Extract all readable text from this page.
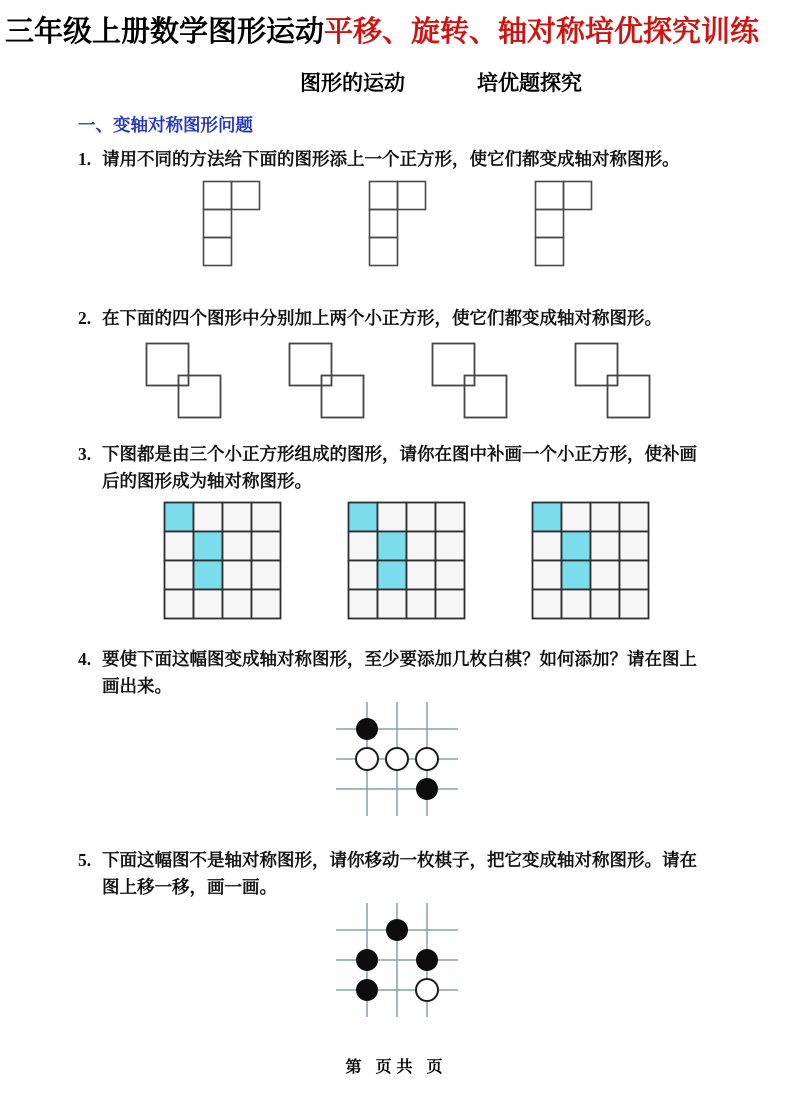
三年级上册数学图形运动平移、旋转、轴对称培优探究训练
图形的运动	培优题探究
一、变轴对称图形问题
1. 请用不同的方法给下面的图形添上一个正方形，使它们都变成轴对称图形。
2. 在下面的四个图形中分别加上两个小正方形，使它们都变成轴对称图形。
3. 下图都是由三个小正方形组成的图形，请你在图中补画一个小正方形，使补画后的图形成为轴对称图形。
4. 要使下面这幅图变成轴对称图形，至少要添加几枚白棋？如何添加？请在图上画出来。
5. 下面这幅图不是轴对称图形，请你移动一枚棋子，把它变成轴对称图形。请在图上移一移，画一画。
第 页共 页
